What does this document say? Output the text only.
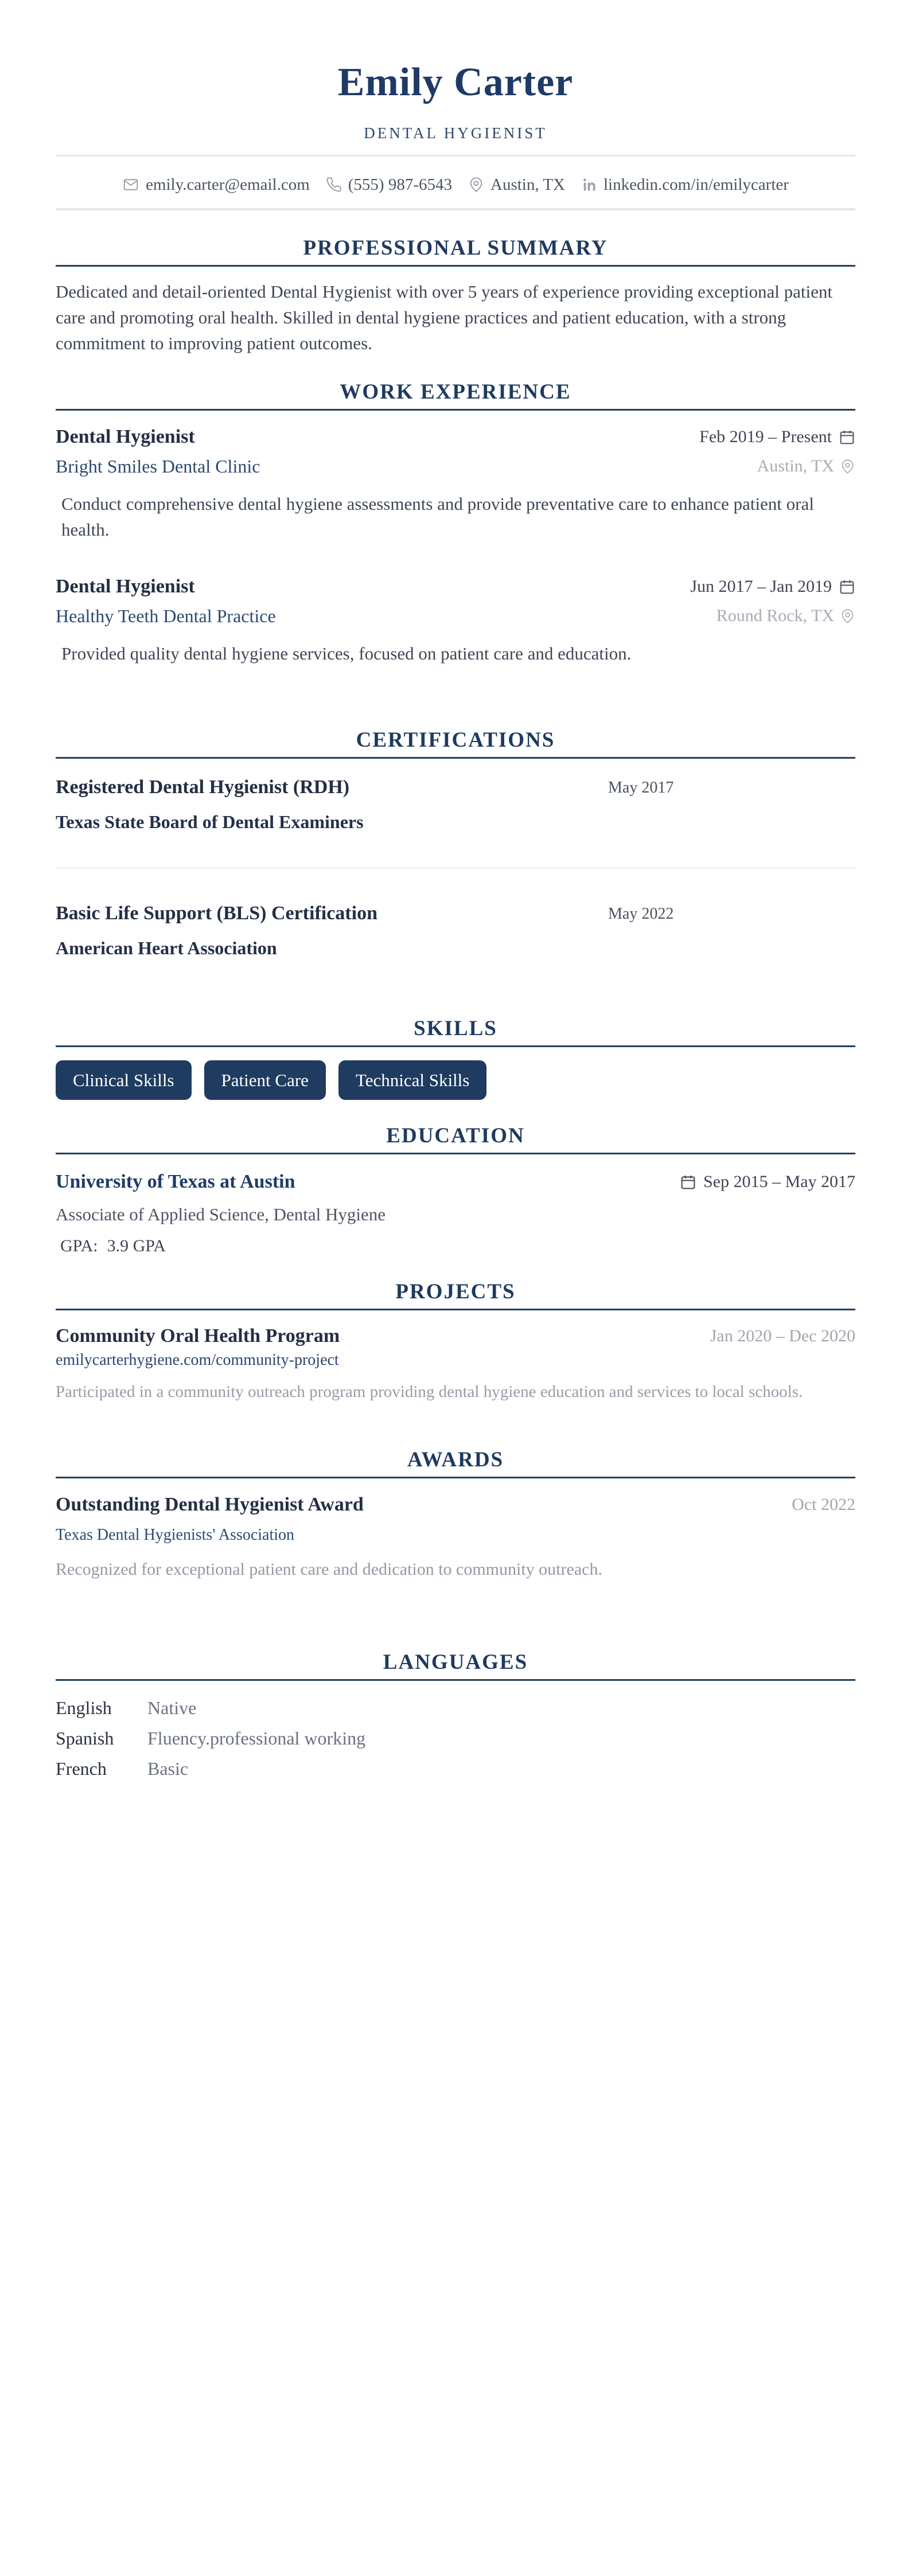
Emily Carter
DENTAL HYGIENIST
emily.carter@email.com (555) 987-6543 Austin, TX linkedin.com/in/emilycarter
PROFESSIONAL SUMMARY
Dedicated and detail-oriented Dental Hygienist with over 5 years of experience providing exceptional patient care and promoting oral health. Skilled in dental hygiene practices and patient education, with a strong commitment to improving patient outcomes.
WORK EXPERIENCE
Dental Hygienist	Feb 2019 – Present
Bright Smiles Dental Clinic	Austin, TX
Conduct comprehensive dental hygiene assessments and provide preventative care to enhance patient oral health.
Dental Hygienist	Jun 2017 – Jan 2019
Healthy Teeth Dental Practice	Round Rock, TX
Provided quality dental hygiene services, focused on patient care and education.
CERTIFICATIONS
Registered Dental Hygienist (RDH)	May 2017
Texas State Board of Dental Examiners
Basic Life Support (BLS) Certification	May 2022
American Heart Association
SKILLS
Clinical Skills	Patient Care	Technical Skills
EDUCATION
University of Texas at Austin	Sep 2015 – May 2017
Associate of Applied Science, Dental Hygiene
GPA: 3.9 GPA
PROJECTS
Community Oral Health Program	Jan 2020 – Dec 2020
emilycarterhygiene.com/community-project
Participated in a community outreach program providing dental hygiene education and services to local schools.
AWARDS
Outstanding Dental Hygienist Award	Oct 2022
Texas Dental Hygienists' Association
Recognized for exceptional patient care and dedication to community outreach.
LANGUAGES
English	Native
Spanish	Fluency.professional working
French	Basic
